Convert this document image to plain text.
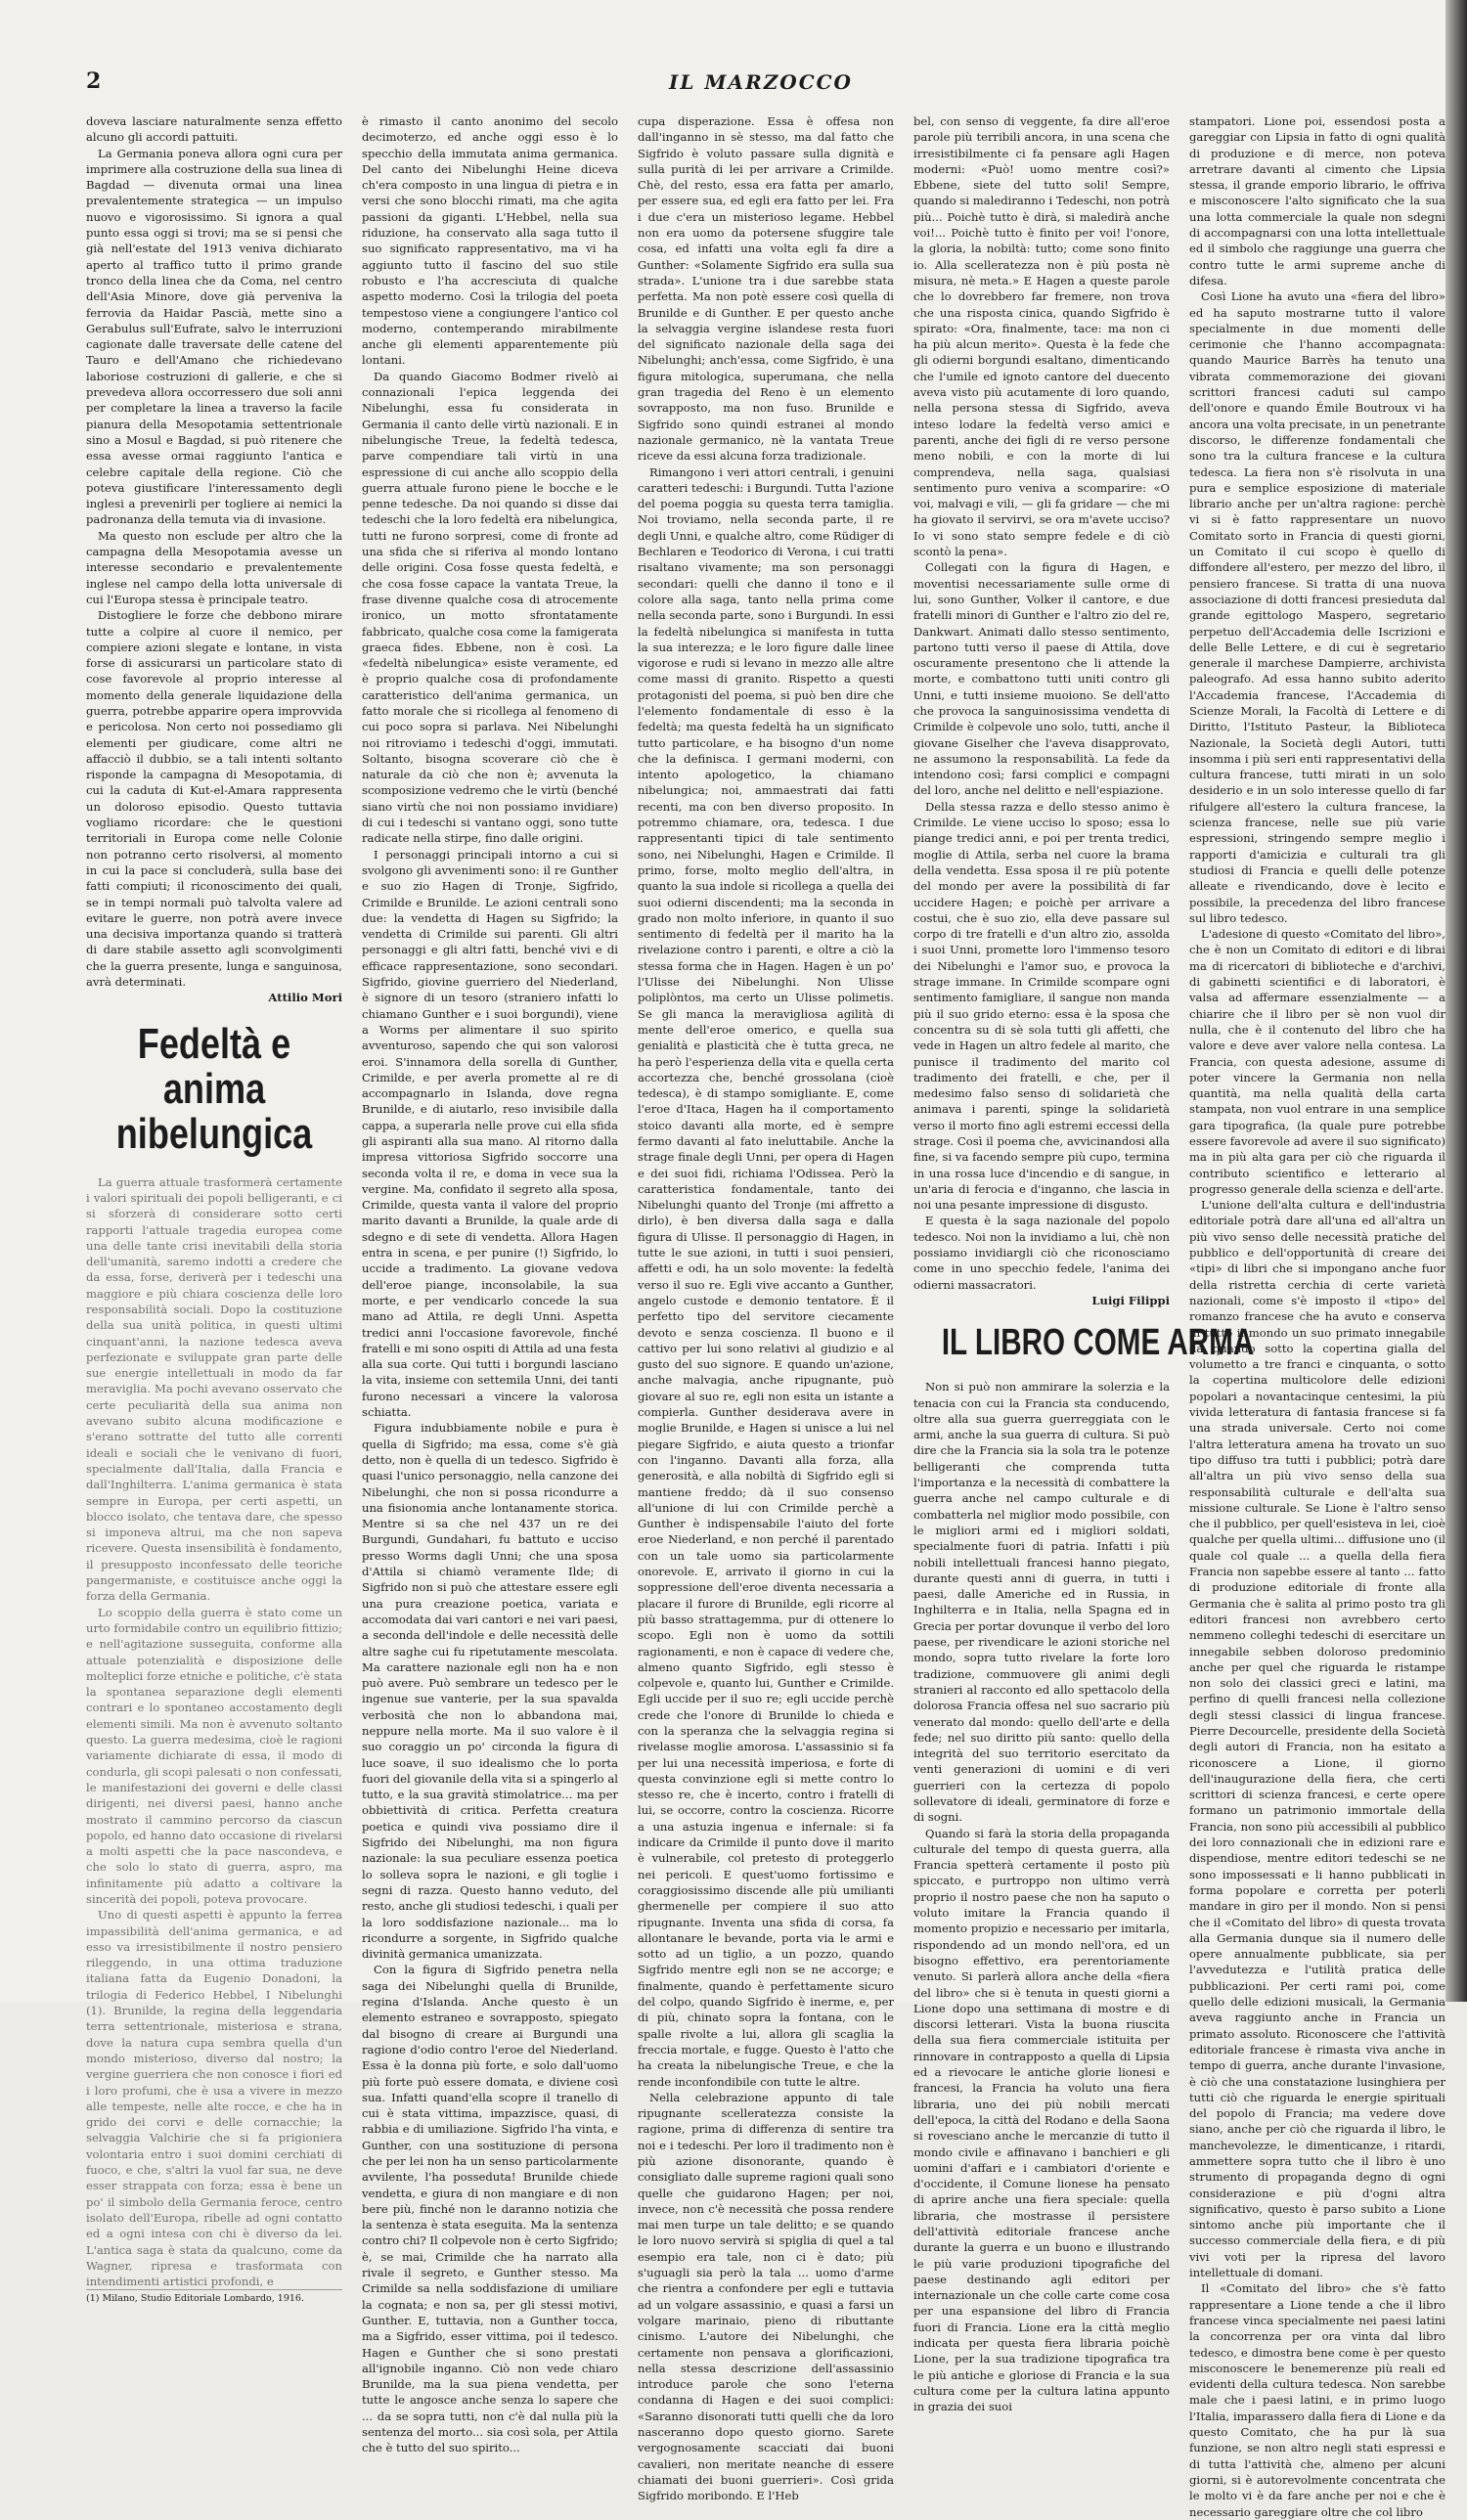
2	IL MARZOCCO

doveva lasciare naturalmente senza effetto alcuno gli accordi pattuiti.

La Germania poneva allora ogni cura per imprimere alla costruzione della sua linea di Bagdad — divenuta ormai una linea prevalentemente strategica — un impulso nuovo e vigorosissimo. Si ignora a qual punto essa oggi si trovi; ma se si pensi che già nell'estate del 1913 veniva dichiarato aperto al traffico tutto il primo grande tronco della linea che da Coma, nel centro dell'Asia Minore, dove già perveniva la ferrovia da Haidar Pascià, mette sino a Gerabulus sull'Eufrate, salvo le interruzioni cagionate dalle traversate delle catene del Tauro e dell'Amano che richiedevano laboriose costruzioni di gallerie, e che si prevedeva allora occorressero due soli anni per completare la linea a traverso la facile pianura della Mesopotamia settentrionale sino a Mosul e Bagdad, si può ritenere che essa avesse ormai raggiunto l'antica e celebre capitale della regione. Ciò che poteva giustificare l'interessamento degli inglesi a prevenirli per togliere ai nemici la padronanza della temuta via di invasione.

Ma questo non esclude per altro che la campagna della Mesopotamia avesse un interesse secondario e prevalentemente inglese nel campo della lotta universale di cui l'Europa stessa è principale teatro.

Distogliere le forze che debbono mirare tutte a colpire al cuore il nemico, per compiere azioni slegate e lontane, in vista forse di assicurarsi un particolare stato di cose favorevole al proprio interesse al momento della generale liquidazione della guerra, potrebbe apparire opera improvvida e pericolosa. Non certo noi possediamo gli elementi per giudicare, come altri ne affacciò il dubbio, se a tali intenti soltanto risponde la campagna di Mesopotamia, di cui la caduta di Kut-el-Amara rappresenta un doloroso episodio. Questo tuttavia vogliamo ricordare: che le questioni territoriali in Europa come nelle Colonie non potranno certo risolversi, al momento in cui la pace si concluderà, sulla base dei fatti compiuti; il riconoscimento dei quali, se in tempi normali può talvolta valere ad evitare le guerre, non potrà avere invece una decisiva importanza quando si tratterà di dare stabile assetto agli sconvolgimenti che la guerra presente, lunga e sanguinosa, avrà determinati.

Attilio Mori

Fedeltà e anima
nibelungica

La guerra attuale trasformerà certamente i valori spirituali dei popoli belligeranti, e ci si sforzerà di considerare sotto certi rapporti l'attuale tragedia europea come una delle tante crisi inevitabili della storia dell'umanità, saremo indotti a credere che da essa, forse, deriverà per i tedeschi una maggiore e più chiara coscienza delle loro responsabilità sociali. Dopo la costituzione della sua unità politica, in questi ultimi cinquant'anni, la nazione tedesca aveva perfezionate e sviluppate gran parte delle sue energie intellettuali in modo da far meraviglia. Ma pochi avevano osservato che certe peculiarità della sua anima non avevano subito alcuna modificazione e s'erano sottratte del tutto alle correnti ideali e sociali che le venivano di fuori, specialmente dall'Italia, dalla Francia e dall'Inghilterra. L'anima germanica è stata sempre in Europa, per certi aspetti, un blocco isolato, che tentava dare, che spesso si imponeva altrui, ma che non sapeva ricevere. Questa insensibilità è fondamento, il presupposto inconfessato delle teoriche pangermaniste, e costituisce anche oggi la forza della Germania.

Lo scoppio della guerra è stato come un urto formidabile contro un equilibrio fittizio; e nell'agitazione susseguita, conforme alla attuale potenzialità e disposizione delle molteplici forze etniche e politiche, c'è stata la spontanea separazione degli elementi contrari e lo spontaneo accostamento degli elementi simili. Ma non è avvenuto soltanto questo. La guerra medesima, cioè le ragioni variamente dichiarate di essa, il modo di condurla, gli scopi palesati o non confessati, le manifestazioni dei governi e delle classi dirigenti, nei diversi paesi, hanno anche mostrato il cammino percorso da ciascun popolo, ed hanno dato occasione di rivelarsi a molti aspetti che la pace nascondeva, e che solo lo stato di guerra, aspro, ma infinitamente più adatto a coltivare la sincerità dei popoli, poteva provocare.

Uno di questi aspetti è appunto la ferrea impassibilità dell'anima germanica, e ad esso va irresistibilmente il nostro pensiero rileggendo, in una ottima traduzione italiana fatta da Eugenio Donadoni, la trilogia di Federico Hebbel, I Nibelunghi (1). Brunilde, la regina della leggendaria terra settentrionale, misteriosa e strana, dove la natura cupa sembra quella d'un mondo misterioso, diverso dal nostro; la vergine guerriera che non conosce i fiori ed i loro profumi, che è usa a vivere in mezzo alle tempeste, nelle alte rocce, e che ha in grido dei corvi e delle cornacchie; la selvaggia Valchirie che si fa prigioniera volontaria entro i suoi domini cerchiati di fuoco, e che, s'altri la vuol far sua, ne deve esser strappata con forza; essa è bene un po' il simbolo della Germania feroce, centro isolato dell'Europa, ribelle ad ogni contatto ed a ogni intesa con chi è diverso da lei. L'antica saga è stata da qualcuno, come da Wagner, ripresa e trasformata con intendimenti artistici profondi, e

(1) Milano, Studio Editoriale Lombardo, 1916.

è rimasto il canto anonimo del secolo decimoterzo, ed anche oggi esso è lo specchio della immutata anima germanica. Del canto dei Nibelunghi Heine diceva ch'era composto in una lingua di pietra e in versi che sono blocchi rimati, ma che agita passioni da giganti. L'Hebbel, nella sua riduzione, ha conservato alla saga tutto il suo significato rappresentativo, ma vi ha aggiunto tutto il fascino del suo stile robusto e l'ha accresciuta di qualche aspetto moderno. Così la trilogia del poeta tempestoso viene a congiungere l'antico col moderno, contemperando mirabilmente anche gli elementi apparentemente più lontani.

Da quando Giacomo Bodmer rivelò ai connazionali l'epica leggenda dei Nibelunghi, essa fu considerata in Germania il canto delle virtù nazionali. E in nibelungische Treue, la fedeltà tedesca, parve compendiare tali virtù in una espressione di cui anche allo scoppio della guerra attuale furono piene le bocche e le penne tedesche. Da noi quando si disse dai tedeschi che la loro fedeltà era nibelungica, tutti ne furono sorpresi, come di fronte ad una sfida che si riferiva al mondo lontano delle origini. Cosa fosse questa fedeltà, e che cosa fosse capace la vantata Treue, la frase divenne qualche cosa di atrocemente ironico, un motto sfrontatamente fabbricato, qualche cosa come la famigerata graeca fides. Ebbene, non è così. La «fedeltà nibelungica» esiste veramente, ed è proprio qualche cosa di profondamente caratteristico dell'anima germanica, un fatto morale che si ricollega al fenomeno di cui poco sopra si parlava. Nei Nibelunghi noi ritroviamo i tedeschi d'oggi, immutati. Soltanto, bisogna scoverare ciò che è naturale da ciò che non è; avvenuta la scomposizione vedremo che le virtù (benché siano virtù che noi non possiamo invidiare) di cui i tedeschi si vantano oggi, sono tutte radicate nella stirpe, fino dalle origini.

I personaggi principali intorno a cui si svolgono gli avvenimenti sono: il re Gunther e suo zio Hagen di Tronje, Sigfrido, Crimilde e Brunilde. Le azioni centrali sono due: la vendetta di Hagen su Sigfrido; la vendetta di Crimilde sui parenti. Gli altri personaggi e gli altri fatti, benché vivi e di efficace rappresentazione, sono secondari. Sigfrido, giovine guerriero del Niederland, è signore di un tesoro (straniero infatti lo chiamano Gunther e i suoi borgundi), viene a Worms per alimentare il suo spirito avventuroso, sapendo che qui son valorosi eroi. S'innamora della sorella di Gunther, Crimilde, e per averla promette al re di accompagnarlo in Islanda, dove regna Brunilde, e di aiutarlo, reso invisibile dalla cappa, a superarla nelle prove cui ella sfida gli aspiranti alla sua mano. Al ritorno dalla impresa vittoriosa Sigfrido soccorre una seconda volta il re, e doma in vece sua la vergine. Ma, confidato il segreto alla sposa, Crimilde, questa vanta il valore del proprio marito davanti a Brunilde, la quale arde di sdegno e di sete di vendetta. Allora Hagen entra in scena, e per punire (!) Sigfrido, lo uccide a tradimento. La giovane vedova dell'eroe piange, inconsolabile, la sua morte, e per vendicarlo concede la sua mano ad Attila, re degli Unni. Aspetta tredici anni l'occasione favorevole, finché fratelli e mi sono ospiti di Attila ad una festa alla sua corte. Qui tutti i borgundi lasciano la vita, insieme con settemila Unni, dei tanti furono necessari a vincere la valorosa schiatta.

Figura indubbiamente nobile e pura è quella di Sigfrido; ma essa, come s'è già detto, non è quella di un tedesco. Sigfrido è quasi l'unico personaggio, nella canzone dei Nibelunghi, che non si possa ricondurre a una fisionomia anche lontanamente storica. Mentre si sa che nel 437 un re dei Burgundi, Gundahari, fu battuto e ucciso presso Worms dagli Unni; che una sposa d'Attila si chiamò veramente Ilde; di Sigfrido non si può che attestare essere egli una pura creazione poetica, variata e accomodata dai vari cantori e nei vari paesi, a seconda dell'indole e delle necessità delle altre saghe cui fu ripetutamente mescolata. Ma carattere nazionale egli non ha e non può avere. Può sembrare un tedesco per le ingenue sue vanterie, per la sua spavalda verbosità che non lo abbandona mai, neppure nella morte. Ma il suo valore è il suo coraggio un po' circonda la figura di luce soave, il suo idealismo che lo porta fuori del giovanile della vita si a spingerlo al tutto, e la sua gravità stimolatrice... ma per obbiettività di critica. Perfetta creatura poetica e quindi viva possiamo dire il Sigfrido dei Nibelunghi, ma non figura nazionale: la sua peculiare essenza poetica lo solleva sopra le nazioni, e gli toglie i segni di razza. Questo hanno veduto, del resto, anche gli studiosi tedeschi, i quali per la loro soddisfazione nazionale... ma lo ricondurre a sorgente, in Sigfrido qualche divinità germanica umanizzata.

Con la figura di Sigfrido penetra nella saga dei Nibelunghi quella di Brunilde, regina d'Islanda. Anche questo è un elemento estraneo e sovrapposto, spiegato dal bisogno di creare ai Burgundi una ragione d'odio contro l'eroe del Niederland. Essa è la donna più forte, e solo dall'uomo più forte può essere domata, e diviene così sua. Infatti quand'ella scopre il tranello di cui è stata vittima, impazzisce, quasi, di rabbia e di umiliazione. Sigfrido l'ha vinta, e Gunther, con una sostituzione di persona che per lei non ha un senso particolarmente avvilente, l'ha posseduta! Brunilde chiede vendetta, e giura di non mangiare e di non bere più, finché non le daranno notizia che la sentenza è stata eseguita. Ma la sentenza contro chi? Il colpevole non è certo Sigfrido; è, se mai, Crimilde che ha narrato alla rivale il segreto, e Gunther stesso. Ma Crimilde sa nella soddisfazione di umiliare la cognata; e non sa, per gli stessi motivi, Gunther. E, tuttavia, non a Gunther tocca, ma a Sigfrido, esser vittima, poi il tedesco. Hagen e Gunther che si sono prestati all'ignobile inganno. Ciò non vede chiaro Brunilde, ma la sua piena vendetta, per tutte le angosce anche senza lo sapere che ... da se sopra tutti, non c'è dal nulla più la sentenza del morto... sia così sola, per Attila che è tutto del suo spirito...

cupa disperazione. Essa è offesa non dall'inganno in sè stesso, ma dal fatto che Sigfrido è voluto passare sulla dignità e sulla purità di lei per arrivare a Crimilde. Chè, del resto, essa era fatta per amarlo, per essere sua, ed egli era fatto per lei. Fra i due c'era un misterioso legame. Hebbel non era uomo da potersene sfuggire tale cosa, ed infatti una volta egli fa dire a Gunther: «Solamente Sigfrido era sulla sua strada». L'unione tra i due sarebbe stata perfetta. Ma non potè essere così quella di Brunilde e di Gunther. E per questo anche la selvaggia vergine islandese resta fuori del significato nazionale della saga dei Nibelunghi; anch'essa, come Sigfrido, è una figura mitologica, superumana, che nella gran tragedia del Reno è un elemento sovrapposto, ma non fuso. Brunilde e Sigfrido sono quindi estranei al mondo nazionale germanico, nè la vantata Treue riceve da essi alcuna forza tradizionale.

Rimangono i veri attori centrali, i genuini caratteri tedeschi: i Burgundi. Tutta l'azione del poema poggia su questa terra tamiglia. Noi troviamo, nella seconda parte, il re degli Unni, e qualche altro, come Rüdiger di Bechlaren e Teodorico di Verona, i cui tratti risaltano vivamente; ma son personaggi secondari: quelli che danno il tono e il colore alla saga, tanto nella prima come nella seconda parte, sono i Burgundi. In essi la fedeltà nibelungica si manifesta in tutta la sua interezza; e le loro figure dalle linee vigorose e rudi si levano in mezzo alle altre come massi di granito. Rispetto a questi protagonisti del poema, si può ben dire che l'elemento fondamentale di esso è la fedeltà; ma questa fedeltà ha un significato tutto particolare, e ha bisogno d'un nome che la definisca. I germani moderni, con intento apologetico, la chiamano nibelungica; noi, ammaestrati dai fatti recenti, ma con ben diverso proposito. In potremmo chiamare, ora, tedesca. I due rappresentanti tipici di tale sentimento sono, nei Nibelunghi, Hagen e Crimilde. Il primo, forse, molto meglio dell'altra, in quanto la sua indole si ricollega a quella dei suoi odierni discendenti; ma la seconda in grado non molto inferiore, in quanto il suo sentimento di fedeltà per il marito ha la rivelazione contro i parenti, e oltre a ciò la stessa forma che in Hagen. Hagen è un po' l'Ulisse dei Nibelunghi. Non Ulisse poliplòntos, ma certo un Ulisse polimetis. Se gli manca la meravigliosa agilità di mente dell'eroe omerico, e quella sua genialità e plasticità che è tutta greca, ne ha però l'esperienza della vita e quella certa accortezza che, benché grossolana (cioè tedesca), è di stampo somigliante. E, come l'eroe d'Itaca, Hagen ha il comportamento stoico davanti alla morte, ed è sempre fermo davanti al fato ineluttabile. Anche la strage finale degli Unni, per opera di Hagen e dei suoi fidi, richiama l'Odissea. Però la caratteristica fondamentale, tanto dei Nibelunghi quanto del Tronje (mi affretto a dirlo), è ben diversa dalla saga e dalla figura di Ulisse. Il personaggio di Hagen, in tutte le sue azioni, in tutti i suoi pensieri, affetti e odi, ha un solo movente: la fedeltà verso il suo re. Egli vive accanto a Gunther, angelo custode e demonio tentatore. È il perfetto tipo del servitore ciecamente devoto e senza coscienza. Il buono e il cattivo per lui sono relativi al giudizio e al gusto del suo signore. E quando un'azione, anche malvagia, anche ripugnante, può giovare al suo re, egli non esita un istante a compierla. Gunther desiderava avere in moglie Brunilde, e Hagen si unisce a lui nel piegare Sigfrido, e aiuta questo a trionfar con l'inganno. Davanti alla forza, alla generosità, e alla nobiltà di Sigfrido egli si mantiene freddo; dà il suo consenso all'unione di lui con Crimilde perchè a Gunther è indispensabile l'aiuto del forte eroe Niederland, e non perché il parentado con un tale uomo sia particolarmente onorevole. E, arrivato il giorno in cui la soppressione dell'eroe diventa necessaria a placare il furore di Brunilde, egli ricorre al più basso strattagemma, pur di ottenere lo scopo. Egli non è uomo da sottili ragionamenti, e non è capace di vedere che, almeno quanto Sigfrido, egli stesso è colpevole e, quanto lui, Gunther e Crimilde. Egli uccide per il suo re; egli uccide perchè crede che l'onore di Brunilde lo chieda e con la speranza che la selvaggia regina si rivelasse moglie amorosa. L'assassinio si fa per lui una necessità imperiosa, e forte di questa convinzione egli si mette contro lo stesso re, che è incerto, contro i fratelli di lui, se occorre, contro la coscienza. Ricorre a una astuzia ingenua e infernale: si fa indicare da Crimilde il punto dove il marito è vulnerabile, col pretesto di proteggerlo nei pericoli. E quest'uomo fortissimo e coraggiosissimo discende alle più umilianti ghermenelle per compiere il suo atto ripugnante. Inventa una sfida di corsa, fa allontanare le bevande, porta via le armi e sotto ad un tiglio, a un pozzo, quando Sigfrido mentre egli non se ne accorge; e finalmente, quando è perfettamente sicuro del colpo, quando Sigfrido è inerme, e, per di più, chinato sopra la fontana, con le spalle rivolte a lui, allora gli scaglia la freccia mortale, e fugge. Questo è l'atto che ha creata la nibelungische Treue, e che la rende inconfondibile con tutte le altre.

Nella celebrazione appunto di tale ripugnante scelleratezza consiste la ragione, prima di differenza di sentire tra noi e i tedeschi. Per loro il tradimento non è più azione disonorante, quando è consigliato dalle supreme ragioni quali sono quelle che guidarono Hagen; per noi, invece, non c'è necessità che possa rendere mai men turpe un tale delitto; e se quando le loro nuovo servirà si spiglia di quel a tal esempio era tale, non ci è dato; più s'uguagli sia però la tala ... uomo d'arme che rientra a confondere per egli e tuttavia ad un volgare assassinio, e quasi a farsi un volgare marinaio, pieno di ributtante cinismo. L'autore dei Nibelunghi, che certamente non pensava a glorificazioni, nella stessa descrizione dell'assassinio introduce parole che sono l'eterna condanna di Hagen e dei suoi complici: «Saranno disonorati tutti quelli che da loro nasceranno dopo questo giorno. Sarete vergognosamente scacciati dai buoni cavalieri, non meritate neanche di essere chiamati dei buoni guerrieri». Così grida Sigfrido moribondo. E l'Heb

bel, con senso di veggente, fa dire all'eroe parole più terribili ancora, in una scena che irresistibilmente ci fa pensare agli Hagen moderni: «Può! uomo mentre così?» Ebbene, siete del tutto soli! Sempre, quando si malediranno i Tedeschi, non potrà più... Poichè tutto è dirà, si maledirà anche voi!... Poichè tutto è finito per voi! l'onore, la gloria, la nobiltà: tutto; come sono finito io. Alla scelleratezza non è più posta nè misura, nè meta.» E Hagen a queste parole che lo dovrebbero far fremere, non trova che una risposta cinica, quando Sigfrido è spirato: «Ora, finalmente, tace: ma non ci ha più alcun merito». Questa è la fede che gli odierni borgundi esaltano, dimenticando che l'umile ed ignoto cantore del duecento aveva visto più acutamente di loro quando, nella persona stessa di Sigfrido, aveva inteso lodare la fedeltà verso amici e parenti, anche dei figli di re verso persone meno nobili, e con la morte di lui comprendeva, nella saga, qualsiasi sentimento puro veniva a scomparire: «O voi, malvagi e vili, — gli fa gridare — che mi ha giovato il servirvi, se ora m'avete ucciso? Io vi sono stato sempre fedele e di ciò scontò la pena».

Collegati con la figura di Hagen, e moventisi necessariamente sulle orme di lui, sono Gunther, Volker il cantore, e due fratelli minori di Gunther e l'altro zio del re, Dankwart. Animati dallo stesso sentimento, partono tutti verso il paese di Attila, dove oscuramente presentono che li attende la morte, e combattono tutti uniti contro gli Unni, e tutti insieme muoiono. Se dell'atto che provoca la sanguinosissima vendetta di Crimilde è colpevole uno solo, tutti, anche il giovane Giselher che l'aveva disapprovato, ne assumono la responsabilità. La fede da intendono così; farsi complici e compagni del loro, anche nel delitto e nell'espiazione.

Della stessa razza e dello stesso animo è Crimilde. Le viene ucciso lo sposo; essa lo piange tredici anni, e poi per trenta tredici, moglie di Attila, serba nel cuore la brama della vendetta. Essa sposa il re più potente del mondo per avere la possibilità di far uccidere Hagen; e poichè per arrivare a costui, che è suo zio, ella deve passare sul corpo di tre fratelli e d'un altro zio, assolda i suoi Unni, promette loro l'immenso tesoro dei Nibelunghi e l'amor suo, e provoca la strage immane. In Crimilde scompare ogni sentimento famigliare, il sangue non manda più il suo grido eterno: essa è la sposa che concentra su di sè sola tutti gli affetti, che vede in Hagen un altro fedele al marito, che punisce il tradimento del marito col tradimento dei fratelli, e che, per il medesimo falso senso di solidarietà che animava i parenti, spinge la solidarietà verso il morto fino agli estremi eccessi della strage. Così il poema che, avvicinandosi alla fine, si va facendo sempre più cupo, termina in una rossa luce d'incendio e di sangue, in un'aria di ferocia e d'inganno, che lascia in noi una pesante impressione di disgusto.

E questa è la saga nazionale del popolo tedesco. Noi non la invidiamo a lui, chè non possiamo invidiargli ciò che riconosciamo come in uno specchio fedele, l'anima dei odierni massacratori.

Luigi Filippi

IL LIBRO COME ARMA

Non si può non ammirare la solerzia e la tenacia con cui la Francia sta conducendo, oltre alla sua guerra guerreggiata con le armi, anche la sua guerra di cultura. Si può dire che la Francia sia la sola tra le potenze belligeranti che comprenda tutta l'importanza e la necessità di combattere la guerra anche nel campo culturale e di combatterla nel miglior modo possibile, con le migliori armi ed i migliori soldati, specialmente fuori di patria. Infatti i più nobili intellettuali francesi hanno piegato, durante questi anni di guerra, in tutti i paesi, dalle Americhe ed in Russia, in Inghilterra e in Italia, nella Spagna ed in Grecia per portar dovunque il verbo del loro paese, per rivendicare le azioni storiche nel mondo, sopra tutto rivelare la forte loro tradizione, commuovere gli animi degli stranieri al racconto ed allo spettacolo della dolorosa Francia offesa nel suo sacrario più venerato dal mondo: quello dell'arte e della fede; nel suo diritto più santo: quello della integrità del suo territorio esercitato da venti generazioni di uomini e di veri guerrieri con la certezza di popolo sollevatore di ideali, germinatore di forze e di sogni.

Quando si farà la storia della propaganda culturale del tempo di questa guerra, alla Francia spetterà certamente il posto più spiccato, e purtroppo non ultimo verrà proprio il nostro paese che non ha saputo o voluto imitare la Francia quando il momento propizio e necessario per imitarla, rispondendo ad un mondo nell'ora, ed un bisogno effettivo, era perentoriamente venuto. Si parlerà allora anche della «fiera del libro» che si è tenuta in questi giorni a Lione dopo una settimana di mostre e di discorsi letterari. Vista la buona riuscita della sua fiera commerciale istituita per rinnovare in contrapposto a quella di Lipsia ed a rievocare le antiche glorie lionesi e francesi, la Francia ha voluto una fiera libraria, uno dei più nobili mercati dell'epoca, la città del Rodano e della Saona si rovesciano anche le mercanzie di tutto il mondo civile e affinavano i banchieri e gli uomini d'affari e i cambiatori d'oriente e d'occidente, il Comune lionese ha pensato di aprire anche una fiera speciale: quella libraria, che mostrasse il persistere dell'attività editoriale francese anche durante la guerra e un buono e illustrando le più varie produzioni tipografiche del paese destinando agli editori per internazionale un che colle carte come cosa per una espansione del libro di Francia fuori di Francia. Lione era la città meglio indicata per questa fiera libraria poichè Lione, per la sua tradizione tipografica tra le più antiche e gloriose di Francia e la sua cultura come per la cultura latina appunto in grazia dei suoi

stampatori. Lione poi, essendosi posta a gareggiar con Lipsia in fatto di ogni qualità di produzione e di merce, non poteva arretrare davanti al cimento che Lipsia stessa, il grande emporio librario, le offriva e misconoscere l'alto significato che la sua una lotta commerciale la quale non sdegni di accompagnarsi con una lotta intellettuale ed il simbolo che raggiunge una guerra che contro tutte le armi supreme anche di difesa.

Così Lione ha avuto una «fiera del libro» ed ha saputo mostrarne tutto il valore specialmente in due momenti delle cerimonie che l'hanno accompagnata: quando Maurice Barrès ha tenuto una vibrata commemorazione dei giovani scrittori francesi caduti sul campo dell'onore e quando Émile Boutroux vi ha ancora una volta precisate, in un penetrante discorso, le differenze fondamentali che sono tra la cultura francese e la cultura tedesca. La fiera non s'è risolvuta in una pura e semplice esposizione di materiale librario anche per un'altra ragione: perchè vi si è fatto rappresentare un nuovo Comitato sorto in Francia di questi giorni, un Comitato il cui scopo è quello di diffondere all'estero, per mezzo del libro, il pensiero francese. Si tratta di una nuova associazione di dotti francesi presieduta dal grande egittologo Maspero, segretario perpetuo dell'Accademia delle Iscrizioni e delle Belle Lettere, e di cui è segretario generale il marchese Dampierre, archivista paleografo. Ad essa hanno subito aderito l'Accademia francese, l'Accademia di Scienze Morali, la Facoltà di Lettere e di Diritto, l'Istituto Pasteur, la Biblioteca Nazionale, la Società degli Autori, tutti insomma i più seri enti rappresentativi della cultura francese, tutti mirati in un solo desiderio e in un solo interesse quello di far rifulgere all'estero la cultura francese, la scienza francese, nelle sue più varie espressioni, stringendo sempre meglio i rapporti d'amicizia e culturali tra gli studiosi di Francia e quelli delle potenze alleate e rivendicando, dove è lecito e possibile, la precedenza del libro francese sul libro tedesco.

L'adesione di questo «Comitato del libro», che è non un Comitato di editori e di librai ma di ricercatori di biblioteche e d'archivi, di gabinetti scientifici e di laboratori, è valsa ad affermare essenzialmente — a chiarire che il libro per sè non vuol dir nulla, che è il contenuto del libro che ha valore e deve aver valore nella contesa. La Francia, con questa adesione, assume di poter vincere la Germania non nella quantità, ma nella qualità della carta stampata, non vuol entrare in una semplice gara tipografica, (la quale pure potrebbe essere favorevole ad avere il suo significato) ma in più alta gara per ciò che riguarda il contributo scientifico e letterario al progresso generale della scienza e dell'arte.

L'unione dell'alta cultura e dell'industria editoriale potrà dare all'una ed all'altra un più vivo senso delle necessità pratiche del pubblico e dell'opportunità di creare dei «tipi» di libri che si impongano anche fuor della ristretta cerchia di certe varietà nazionali, come s'è imposto il «tipo» del romanzo francese che ha avuto e conserva in tutto il mondo un suo primato innegabile da quando sotto la copertina gialla del volumetto a tre franci e cinquanta, o sotto la copertina multicolore delle edizioni popolari a novantacinque centesimi, la più vivida letteratura di fantasia francese si fa una strada universale. Certo noi come l'altra letteratura amena ha trovato un suo tipo diffuso tra tutti i pubblici; potrà dare all'altra un più vivo senso della sua responsabilità culturale e dell'alta sua missione culturale. Se Lione è l'altro senso che il pubblico, per quell'esisteva in lei, cioè qualche per quella ultimi... diffusione uno (il quale col quale ... a quella della fiera Francia non sapebbe essere al tanto ... fatto di produzione editoriale di fronte alla Germania che è salita al primo posto tra gli editori francesi non avrebbero certo nemmeno colleghi tedeschi di esercitare un innegabile sebben doloroso predominio anche per quel che riguarda le ristampe non solo dei classici greci e latini, ma perfino di quelli francesi nella collezione degli stessi classici di lingua francese. Pierre Decourcelle, presidente della Società degli autori di Francia, non ha esitato a riconoscere a Lione, il giorno dell'inaugurazione della fiera, che certi scrittori di scienza francesi, e certe opere formano un patrimonio immortale della Francia, non sono più accessibili al pubblico dei loro connazionali che in edizioni rare e dispendiose, mentre editori tedeschi se ne sono impossessati e li hanno pubblicati in forma popolare e corretta per poterli mandare in giro per il mondo. Non si pensi che il «Comitato del libro» di questa trovata alla Germania dunque sia il numero delle opere annualmente pubblicate, sia per l'avvedutezza e l'utilità pratica delle pubblicazioni. Per certi rami poi, come quello delle edizioni musicali, la Germania aveva raggiunto anche in Francia un primato assoluto. Riconoscere che l'attività editoriale francese è rimasta viva anche in tempo di guerra, anche durante l'invasione, è ciò che una constatazione lusinghiera per tutti ciò che riguarda le energie spirituali del popolo di Francia; ma vedere dove siano, anche per ciò che riguarda il libro, le manchevolezze, le dimenticanze, i ritardi, ammettere sopra tutto che il libro è uno strumento di propaganda degno di ogni considerazione e più d'ogni altra significativo, questo è parso subito a Lione sintomo anche più importante che il successo commerciale della fiera, e di più vivi voti per la ripresa del lavoro intellettuale di domani.

Il «Comitato del libro» che s'è fatto rappresentare a Lione tende a che il libro francese vinca specialmente nei paesi latini la concorrenza per ora vinta dal libro tedesco, e dimostra bene come è per questo misconoscere le benemerenze più reali ed evidenti della cultura tedesca. Non sarebbe male che i paesi latini, e in primo luogo l'Italia, imparassero dalla fiera di Lione e da questo Comitato, che ha pur là sua funzione, se non altro negli stati espressi e di tutta l'attività che, almeno per alcuni giorni, si è autorevolmente concentrata che le molto vi è da fare anche per noi e che è necessario gareggiare oltre che col libro
